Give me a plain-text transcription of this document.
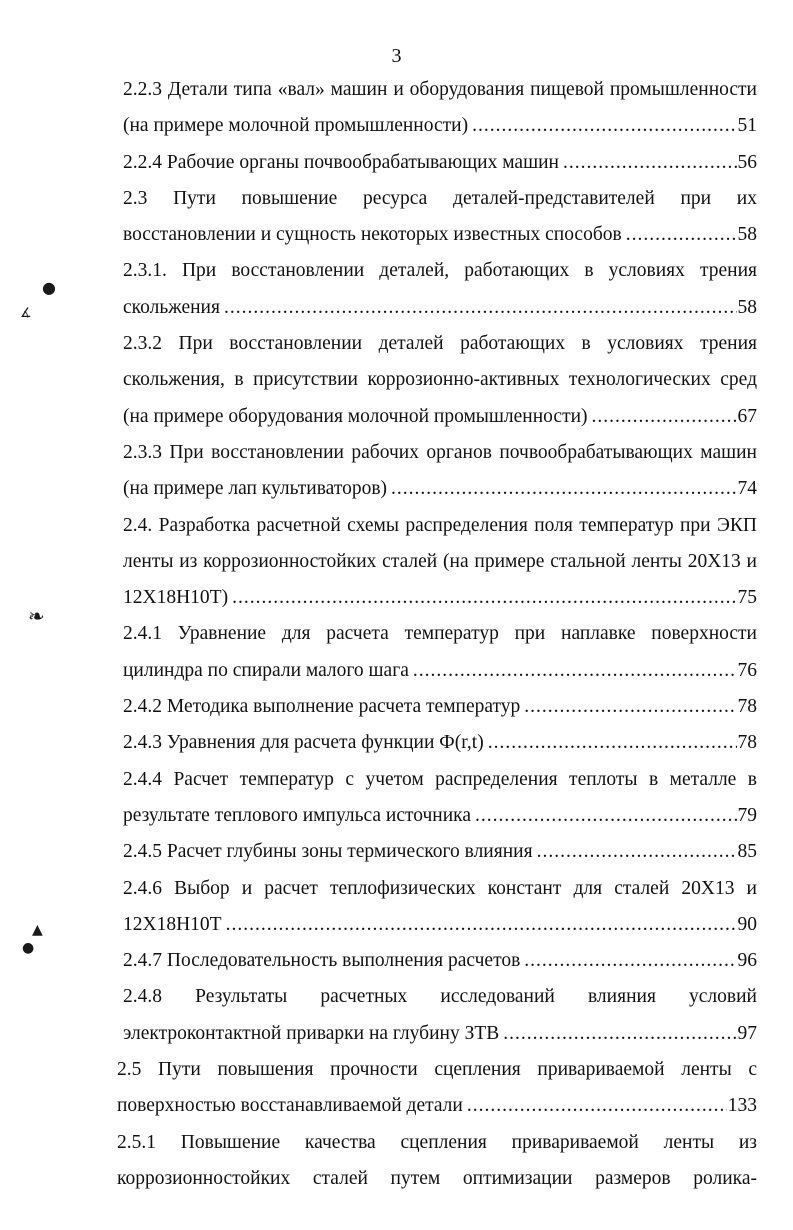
3
2.2.3 Детали типа «вал» машин и оборудования пищевой промышленности
(на примере молочной промышленности) .....	51
2.2.4 Рабочие органы почвообрабатывающих машин .....	56
2.3 Пути повышение ресурса деталей-представителей при их
восстановлении и сущность некоторых известных способов .....	58
2.3.1. При восстановлении деталей, работающих в условиях трения
скольжения .....	58
2.3.2 При восстановлении деталей работающих в условиях трения
скольжения, в присутствии коррозионно-активных технологических сред
(на примере оборудования молочной промышленности) .....	67
2.3.3 При восстановлении рабочих органов почвообрабатывающих машин
(на примере лап культиваторов) .....	74
2.4. Разработка расчетной схемы распределения поля температур при ЭКП
ленты из коррозионностойких сталей (на примере стальной ленты 20Х13 и
12Х18Н10Т) .....	75
2.4.1 Уравнение для расчета температур при наплавке поверхности
цилиндра по спирали малого шага .....	76
2.4.2 Методика выполнение расчета температур .....	78
2.4.3 Уравнения для расчета функции Ф(r,t) .....	78
2.4.4 Расчет температур с учетом распределения теплоты в металле в
результате теплового импульса источника .....	79
2.4.5 Расчет глубины зоны термического влияния .....	85
2.4.6 Выбор и расчет теплофизических констант для сталей 20Х13 и
12Х18Н10Т .....	90
2.4.7 Последовательность выполнения расчетов .....	96
2.4.8 Результаты расчетных исследований влияния условий
электроконтактной приварки на глубину ЗТВ .....	97
2.5 Пути повышения прочности сцепления привариваемой ленты с
поверхностью восстанавливаемой детали .....	133
2.5.1 Повышение качества сцепления привариваемой ленты из
коррозионностойких сталей путем оптимизации размеров ролика-
●
∡
❧
▲
●
